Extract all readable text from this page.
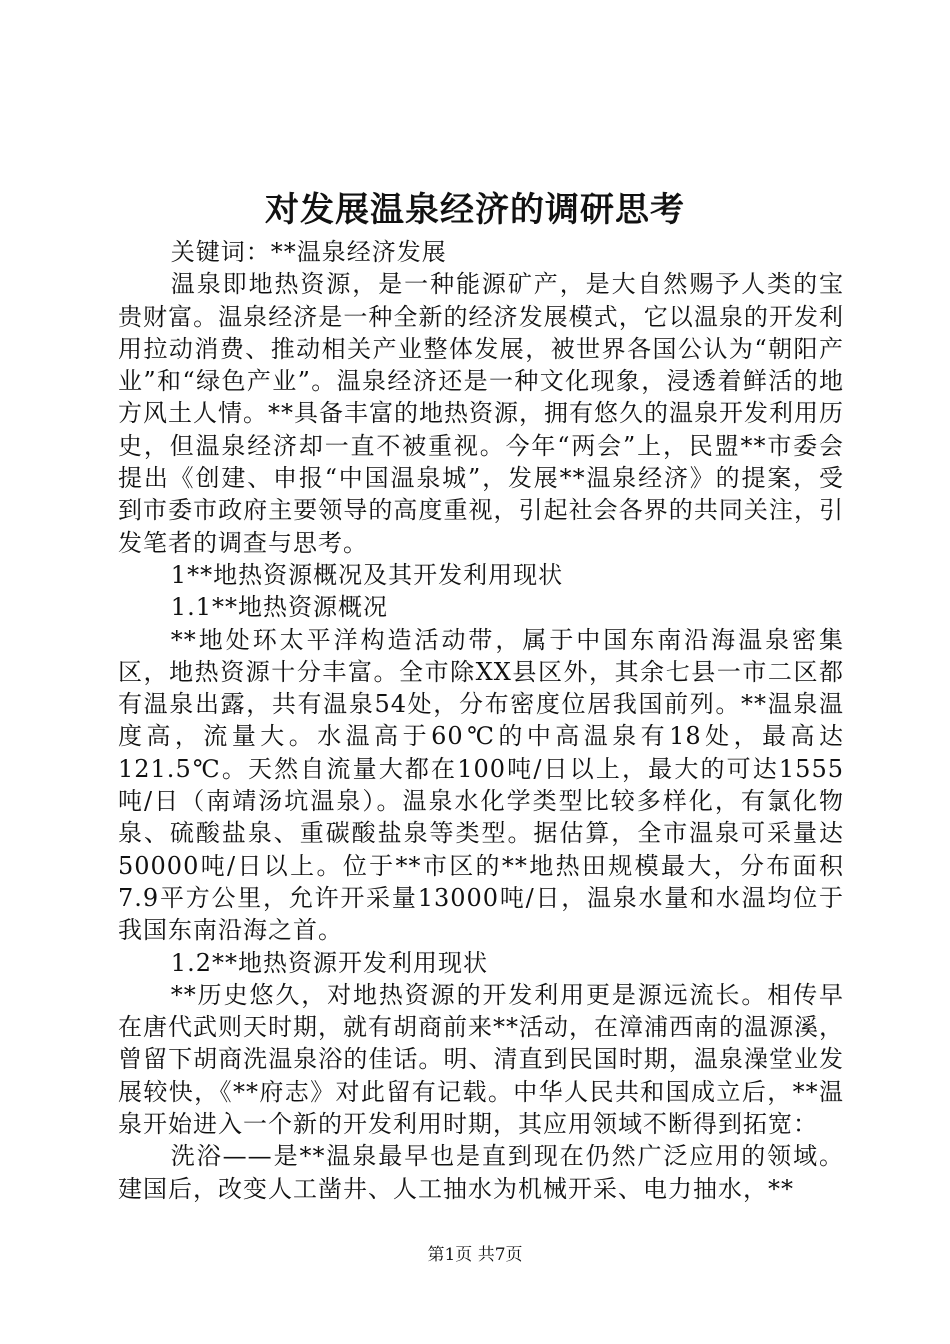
对发展温泉经济的调研思考

关键词：**温泉经济发展

温泉即地热资源，是一种能源矿产，是大自然赐予人类的宝贵财富。温泉经济是一种全新的经济发展模式，它以温泉的开发利用拉动消费、推动相关产业整体发展，被世界各国公认为“朝阳产业”和“绿色产业”。温泉经济还是一种文化现象，浸透着鲜活的地方风土人情。**具备丰富的地热资源，拥有悠久的温泉开发利用历史，但温泉经济却一直不被重视。今年“两会”上，民盟**市委会提出《创建、申报“中国温泉城”，发展**温泉经济》的提案，受到市委市政府主要领导的高度重视，引起社会各界的共同关注，引发笔者的调查与思考。

1**地热资源概况及其开发利用现状

1.1**地热资源概况

**地处环太平洋构造活动带，属于中国东南沿海温泉密集区，地热资源十分丰富。全市除XX县区外，其余七县一市二区都有温泉出露，共有温泉54处，分布密度位居我国前列。**温泉温度高，流量大。水温高于60℃的中高温泉有18处，最高达121.5℃。天然自流量大都在100吨/日以上，最大的可达1555吨/日（南靖汤坑温泉）。温泉水化学类型比较多样化，有氯化物泉、硫酸盐泉、重碳酸盐泉等类型。据估算，全市温泉可采量达50000吨/日以上。位于**市区的**地热田规模最大，分布面积7.9平方公里，允许开采量13000吨/日，温泉水量和水温均位于我国东南沿海之首。

1.2**地热资源开发利用现状

**历史悠久，对地热资源的开发利用更是源远流长。相传早在唐代武则天时期，就有胡商前来**活动，在漳浦西南的温源溪，曾留下胡商洗温泉浴的佳话。明、清直到民国时期，温泉澡堂业发展较快，《**府志》对此留有记载。中华人民共和国成立后，**温泉开始进入一个新的开发利用时期，其应用领域不断得到拓宽：

洗浴——是**温泉最早也是直到现在仍然广泛应用的领域。建国后，改变人工凿井、人工抽水为机械开采、电力抽水，**

第1页 共7页
